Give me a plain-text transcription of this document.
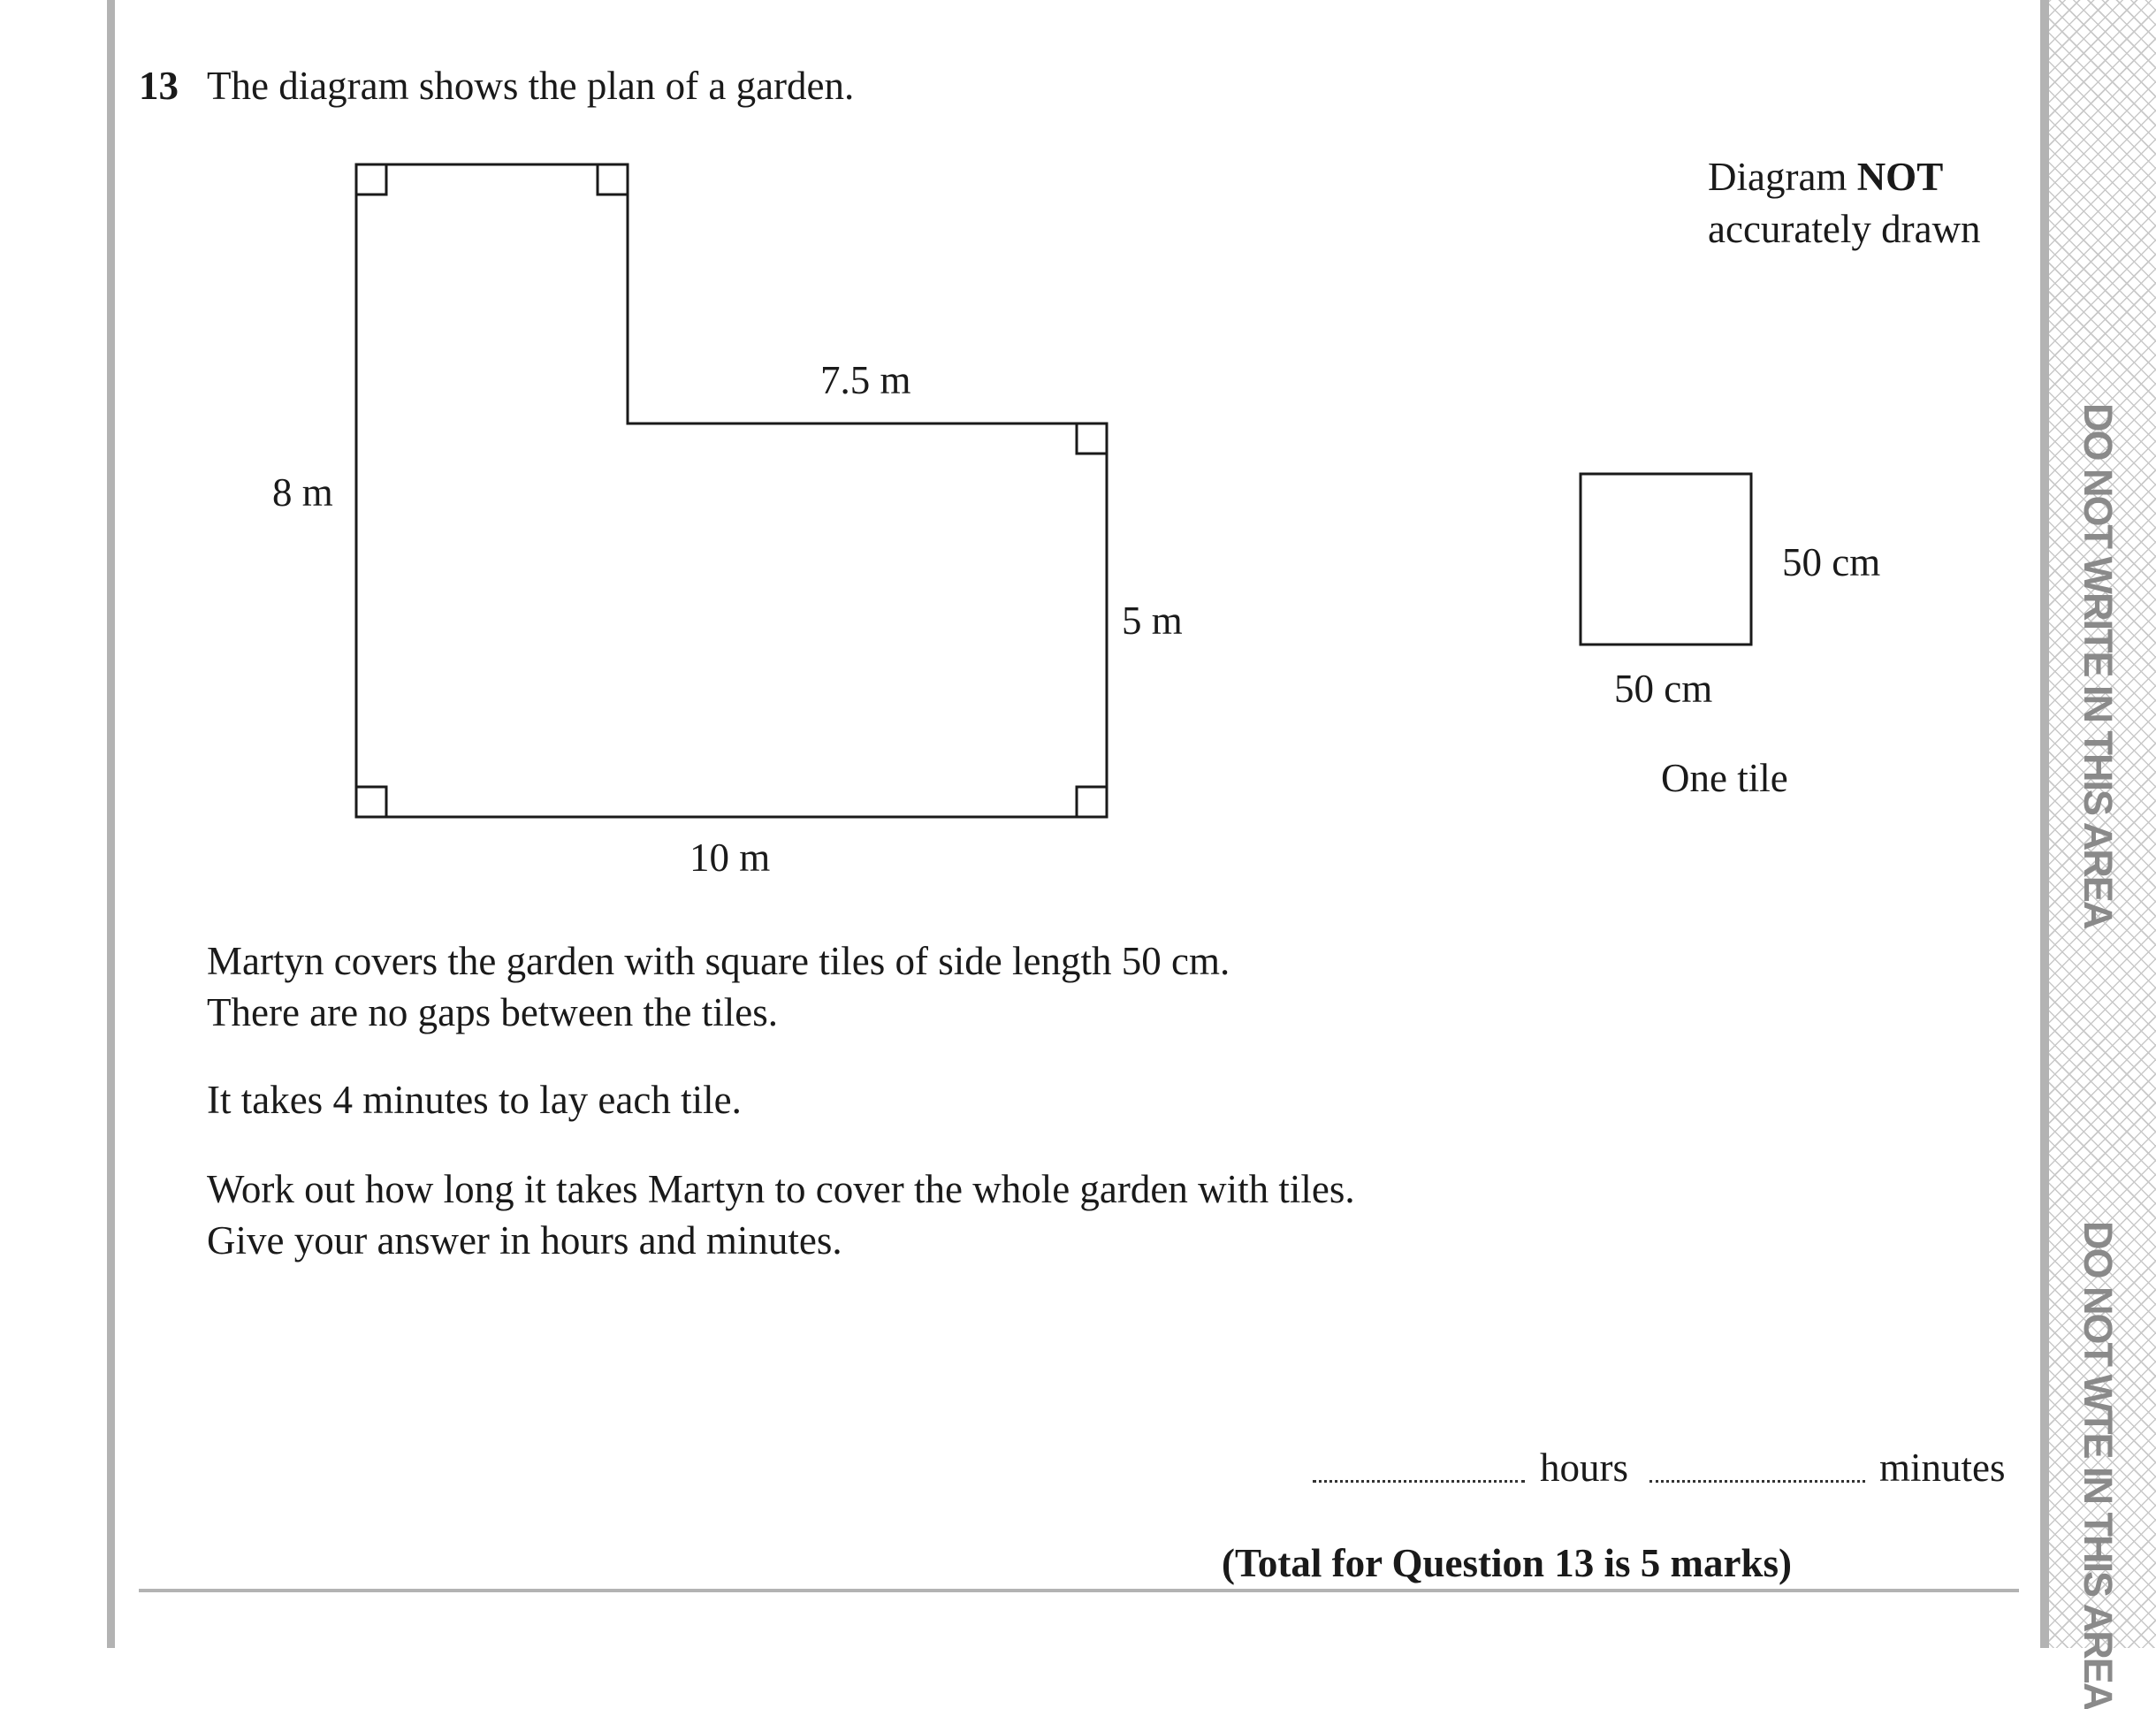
DO NOT WRITE IN THIS AREA
DO NOT WTE IN THIS AREA
13 The diagram shows the plan of a garden.
Diagram NOT
accurately drawn
8 m
7.5 m
5 m
10 m
50 cm
50 cm
One tile
Martyn covers the garden with square tiles of side length 50 cm.
There are no gaps between the tiles.
It takes 4 minutes to lay each tile.
Work out how long it takes Martyn to cover the whole garden with tiles.
Give your answer in hours and minutes.
hours	minutes
(Total for Question 13 is 5 marks)
